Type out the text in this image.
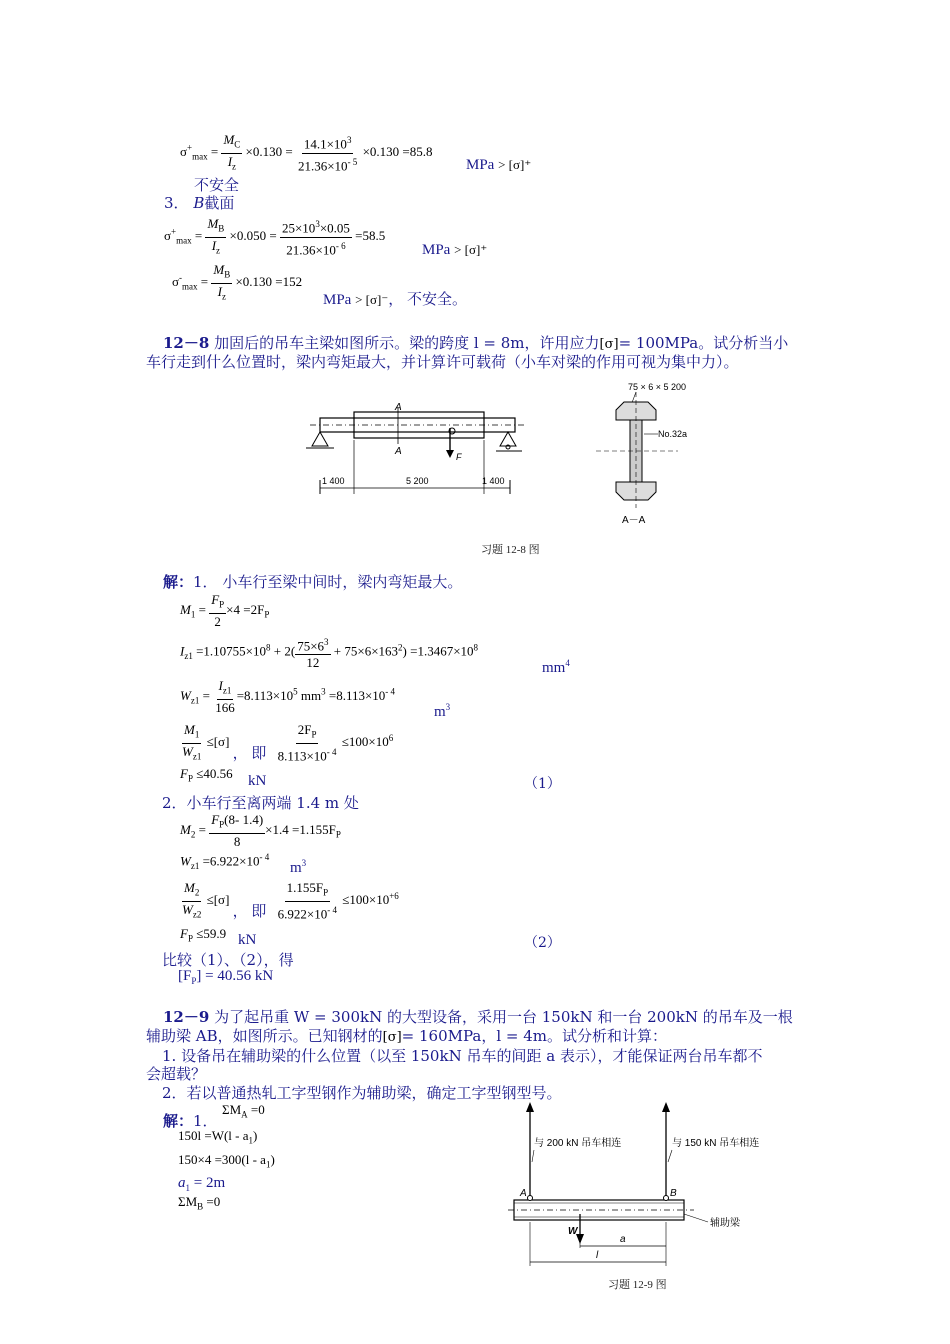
$\sigma^+_{max} = \frac{M_C}{I_z} \times 0.130 = \frac{14.1\times 10^3}{21.36\times 10^{- 5}} \times 0.130 =85.8$
MPa > [σ]⁺
不安全
3． B截面
$\sigma^+_{max} = \frac{M_B}{I_z} \times 0.050 = \frac{25\times 10^3\times 0.05}{21.36\times 10^{- 6}} =58.5$
MPa > [σ]⁺
$\sigma^-_{max} = \frac{M_B}{I_z} \times 0.130 =152$
MPa > [σ]⁻， 不安全。
12－8 加固后的吊车主梁如图所示。梁的跨度 l = 8m，许用应力[σ]= 100MPa。试分析当小
车行走到什么位置时，梁内弯矩最大，并计算许可载荷（小车对梁的作用可视为集中力）。
1 400	5 200	1 400
A
A	F
75 × 6 × 5 200
No.32a
A－A
习题 12-8 图
解：1． 小车行至梁中间时，梁内弯矩最大。
$M_1 = \frac{F_P}{2} \times 4 =2F_P$
$I_{z1} =1.10755\times 10^8 + 2( \frac{75\times 6^3}{12} + 75\times 6\times 163^2) =1.3467\times 10^8$
$mm^4$
$W_{z1} = \frac{I_{z1}}{166} =8.113\times 10^5$ $mm^3 =8.113\times 10^{- 4}$
$m^3$
$\frac{M_1}{W_{z1}} \le[\sigma]$ ， 即 $\frac{2F_P}{8.113\times 10^{- 4}} \le 100\times 10^6$
$F_P \le 40.56$ kN	（1）
2．小车行至离两端 1.4 m 处
$M_2 = \frac{F_P(8- 1.4)}{8} \times 1.4 =1.155F_P$
$W_{z1} =6.922\times 10^{- 4}$
$m^3$
$\frac{M_2}{W_{z2}} \le[\sigma]$ ， 即 $\frac{1.155F_P}{6.922\times 10^{- 4}} \le 100\times 10^{+6}$
$F_P \le 59.9$ kN	（2）
比较（1）、（2），得
$[F_P] = 40.56$ kN
12－9 为了起吊重 W = 300kN 的大型设备，采用一台 150kN 和一台 200kN 的吊车及一根
辅助梁 AB，如图所示。已知钢材的[σ]= 160MPa，l = 4m。试分析和计算：
1. 设备吊在辅助梁的什么位置（以至 150kN 吊车的间距 a 表示），才能保证两台吊车都不
会超载？
2．若以普通热轧工字型钢作为辅助梁，确定工字型钢型号。
与 200 kN 吊车相连	与 150 kN 吊车相连
A	B
W
a
l
辅助梁
习题 12-9 图
解：1．
$\Sigma M_A =0$
$150l =W(l - a_1)$
$150\times 4 =300(l - a_1)$
$a_1 = 2m$
$\Sigma M_B =0$
